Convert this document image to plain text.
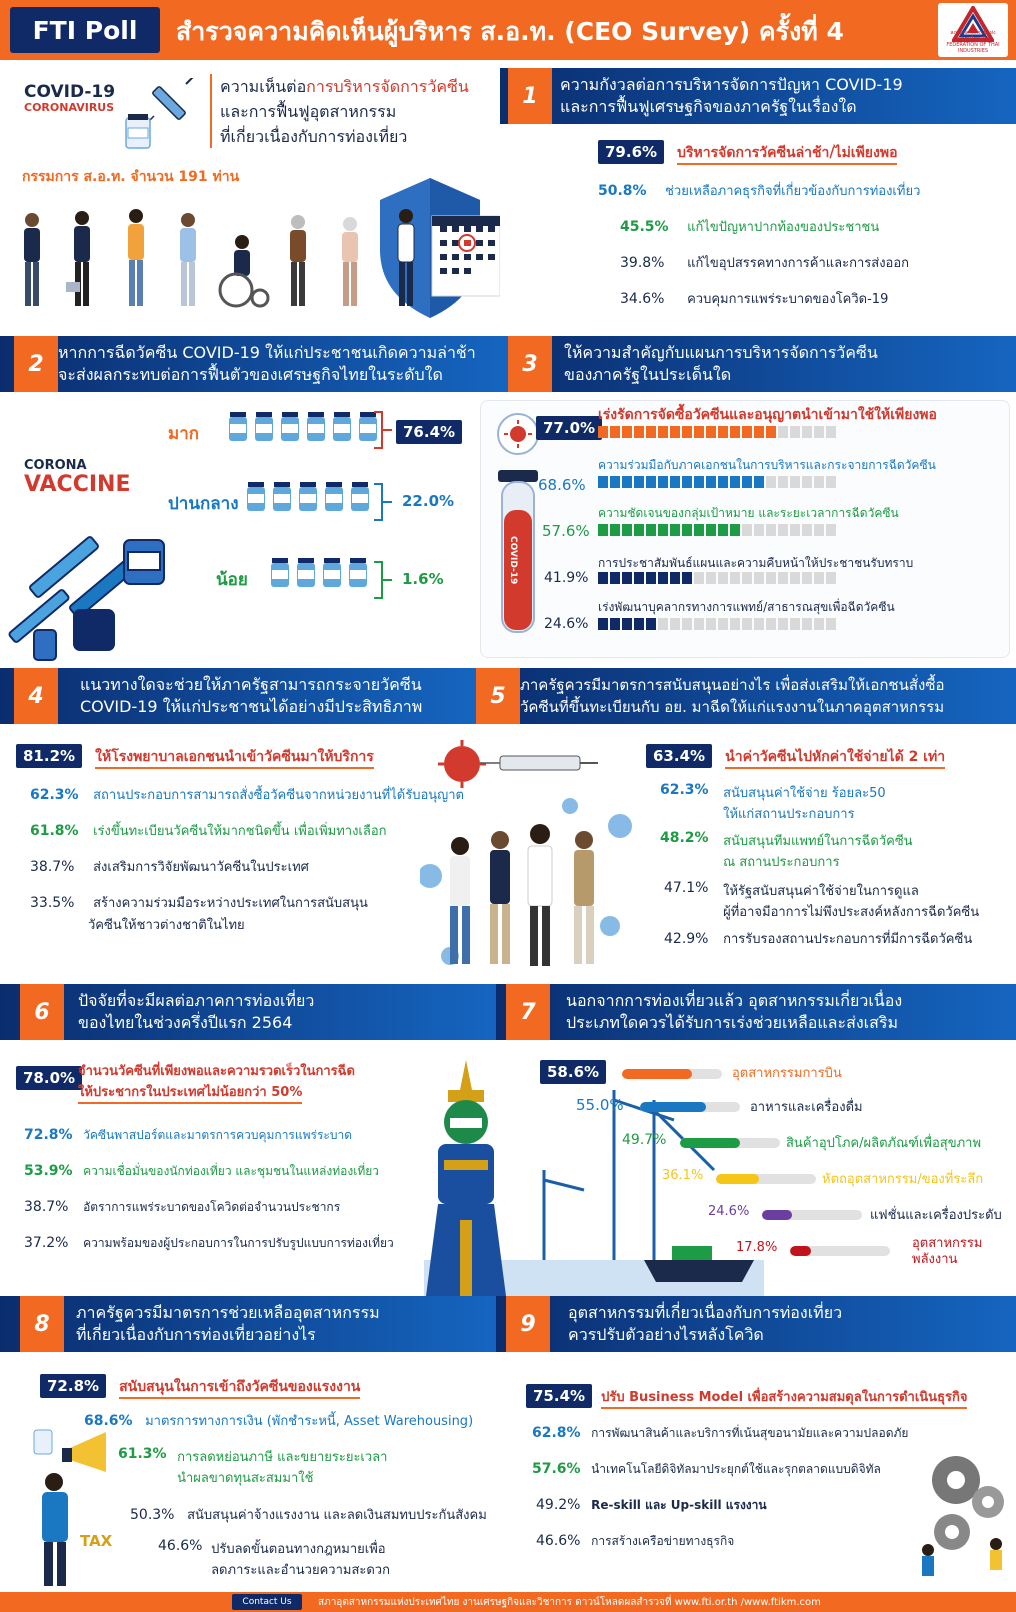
FTI Poll	สำรวจความคิดเห็นผู้บริหาร ส.อ.ท. (CEO Survey) ครั้งที่ 4	สภาอุตสาหกรรมแห่งประเทศไทย THE FEDERATION OF THAI INDUSTRIES
COVID-19
CORONAVIRUS
ความเห็นต่อการบริหารจัดการวัคซีน
และการฟื้นฟูอุตสาหกรรม
ที่เกี่ยวเนื่องกับการท่องเที่ยว
กรรมการ ส.อ.ท. จำนวน 191 ท่าน
1	ความกังวลต่อการบริหารจัดการปัญหา COVID-19
และการฟื้นฟูเศรษฐกิจของภาครัฐในเรื่องใด
79.6% บริหารจัดการวัคซีนล่าช้า/ไม่เพียงพอ
50.8% ช่วยเหลือภาคธุรกิจที่เกี่ยวข้องกับการท่องเที่ยว
45.5% แก้ไขปัญหาปากท้องของประชาชน
39.8% แก้ไขอุปสรรคทางการค้าและการส่งออก
34.6% ควบคุมการแพร่ระบาดของโควิด-19
2 หากการฉีดวัคซีน COVID-19 ให้แก่ประชาชนเกิดความล่าช้า
จะส่งผลกระทบต่อการฟื้นตัวของเศรษฐกิจไทยในระดับใด	3	ให้ความสำคัญกับแผนการบริหารจัดการวัคซีน
ของภาครัฐในประเด็นใด
CORONA
VACCINE
มาก
ปานกลาง
น้อย
76.4%
22.0%
1.6%	COVID-19
77.0%
เร่งรัดการจัดซื้อวัคซีนและอนุญาตนำเข้ามาใช้ให้เพียงพอ
68.6%
ความร่วมมือกับภาคเอกชนในการบริหารและกระจายการฉีดวัคซีน
57.6%
ความชัดเจนของกลุ่มเป้าหมาย และระยะเวลาการฉีดวัคซีน
41.9%
การประชาสัมพันธ์แผนและความคืบหน้าให้ประชาชนรับทราบ
24.6%
เร่งพัฒนาบุคลากรทางการแพทย์/สาธารณสุขเพื่อฉีดวัคซีน
4	แนวทางใดจะช่วยให้ภาครัฐสามารถกระจายวัคซีน
COVID-19 ให้แก่ประชาชนได้อย่างมีประสิทธิภาพ	5 ภาครัฐควรมีมาตรการสนับสนุนอย่างไร เพื่อส่งเสริมให้เอกชนสั่งซื้อ
วัคซีนที่ขึ้นทะเบียนกับ อย. มาฉีดให้แก่แรงงานในภาคอุตสาหกรรม
81.2% ให้โรงพยาบาลเอกชนนำเข้าวัคซีนมาให้บริการ
62.3% สถานประกอบการสามารถสั่งซื้อวัคซีนจากหน่วยงานที่ได้รับอนุญาต
61.8% เร่งขึ้นทะเบียนวัคซีนให้มากชนิดขึ้น เพื่อเพิ่มทางเลือก
38.7% ส่งเสริมการวิจัยพัฒนาวัคซีนในประเทศ
33.5% สร้างความร่วมมือระหว่างประเทศในการสนับสนุน
วัคซีนให้ชาวต่างชาติในไทย
63.4% นำค่าวัคซีนไปหักค่าใช้จ่ายได้ 2 เท่า
62.3% สนับสนุนค่าใช้จ่าย ร้อยละ50
ให้แก่สถานประกอบการ
48.2% สนับสนุนทีมแพทย์ในการฉีดวัคซีน
ณ สถานประกอบการ
47.1% ให้รัฐสนับสนุนค่าใช้จ่ายในการดูแล
ผู้ที่อาจมีอาการไม่พึงประสงค์หลังการฉีดวัคซีน
42.9% การรับรองสถานประกอบการที่มีการฉีดวัคซีน
6	ปัจจัยที่จะมีผลต่อภาคการท่องเที่ยว
ของไทยในช่วงครึ่งปีแรก 2564	7	นอกจากการท่องเที่ยวแล้ว อุตสาหกรรมเกี่ยวเนื่อง
ประเภทใดควรได้รับการเร่งช่วยเหลือและส่งเสริม
78.0% จำนวนวัคซีนที่เพียงพอและความรวดเร็วในการฉีด
ให้ประชากรในประเทศไม่น้อยกว่า 50%
72.8% วัคซีนพาสปอร์ตและมาตรการควบคุมการแพร่ระบาด
53.9% ความเชื่อมั่นของนักท่องเที่ยว และชุมชนในแหล่งท่องเที่ยว
38.7% อัตราการแพร่ระบาดของโควิดต่อจำนวนประชากร
37.2% ความพร้อมของผู้ประกอบการในการปรับรูปแบบการท่องเที่ยว
58.6%	อุตสาหกรรมการบิน
55.0%	อาหารและเครื่องดื่ม
49.7%	สินค้าอุปโภค/ผลิตภัณฑ์เพื่อสุขภาพ
36.1%	หัตถอุตสาหกรรม/ของที่ระลึก
24.6%	แฟชั่นและเครื่องประดับ
17.8%	อุตสาหกรรม
พลังงาน
8	ภาครัฐควรมีมาตรการช่วยเหลืออุตสาหกรรม
ที่เกี่ยวเนื่องกับการท่องเที่ยวอย่างไร	9	อุตสาหกรรมที่เกี่ยวเนื่องกับการท่องเที่ยว
ควรปรับตัวอย่างไรหลังโควิด
72.8% สนับสนุนในการเข้าถึงวัคซีนของแรงงาน
68.6% มาตรการทางการเงิน (พักชำระหนี้, Asset Warehousing)
61.3% การลดหย่อนภาษี และขยายระยะเวลา
นำผลขาดทุนสะสมมาใช้
50.3% สนับสนุนค่าจ้างแรงงาน และลดเงินสมทบประกันสังคม
46.6% ปรับลดขั้นตอนทางกฎหมายเพื่อ
ลดภาระและอำนวยความสะดวก
TAX
75.4% ปรับ Business Model เพื่อสร้างความสมดุลในการดำเนินธุรกิจ
62.8% การพัฒนาสินค้าและบริการที่เน้นสุขอนามัยและความปลอดภัย
57.6% นำเทคโนโลยีดิจิทัลมาประยุกต์ใช้และรุกตลาดแบบดิจิทัล
49.2% Re-skill และ Up-skill แรงงาน
46.6% การสร้างเครือข่ายทางธุรกิจ
Contact Us	สภาอุตสาหกรรมแห่งประเทศไทย งานเศรษฐกิจและวิชาการ ดาวน์โหลดผลสำรวจที่ www.fti.or.th /www.ftikm.com
